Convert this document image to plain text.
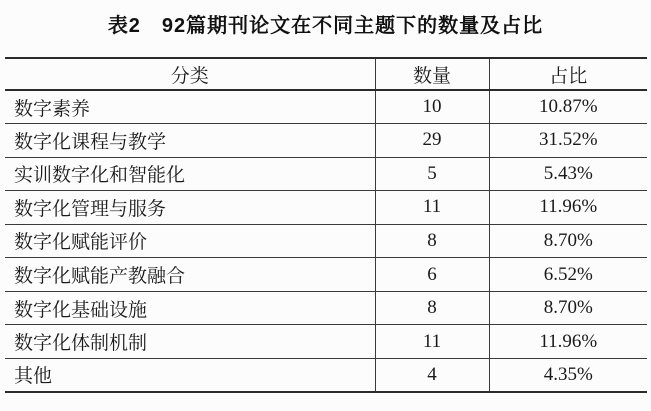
表2　92篇期刊论文在不同主题下的数量及占比
分类	数量	占比
数字素养	10	10.87%
数字化课程与教学	29	31.52%
实训数字化和智能化	5	5.43%
数字化管理与服务	11	11.96%
数字化赋能评价	8	8.70%
数字化赋能产教融合	6	6.52%
数字化基础设施	8	8.70%
数字化体制机制	11	11.96%
其他	4	4.35%
